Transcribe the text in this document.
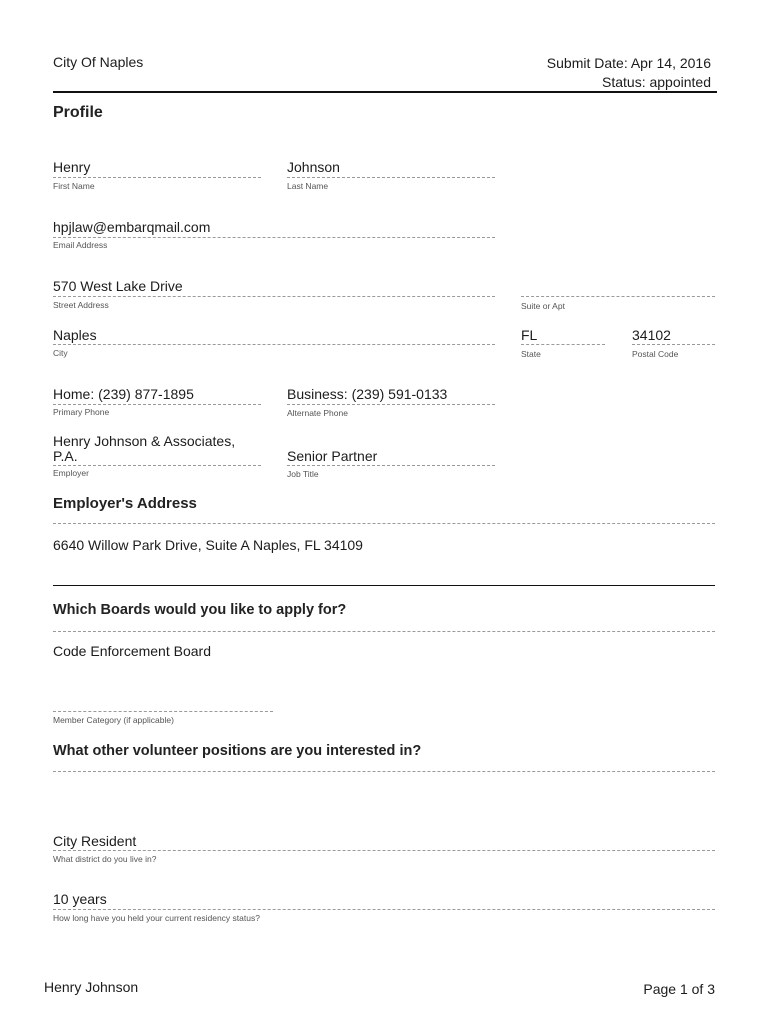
City Of Naples	Submit Date: Apr 14, 2016
Status: appointed
Profile
Henry
First Name
Johnson
Last Name
hpjlaw@embarqmail.com
Email Address
570 West Lake Drive
Street Address	Suite or Apt
Naples
City
FL
State
34102
Postal Code
Home: (239) 877-1895
Primary Phone
Business: (239) 591-0133
Alternate Phone
Henry Johnson & Associates,
P.A.
Employer
Senior Partner
Job Title
Employer's Address
6640 Willow Park Drive, Suite A Naples, FL 34109
Which Boards would you like to apply for?
Code Enforcement Board
Member Category (if applicable)
What other volunteer positions are you interested in?
City Resident
What district do you live in?
10 years
How long have you held your current residency status?
Henry Johnson	Page 1 of 3
